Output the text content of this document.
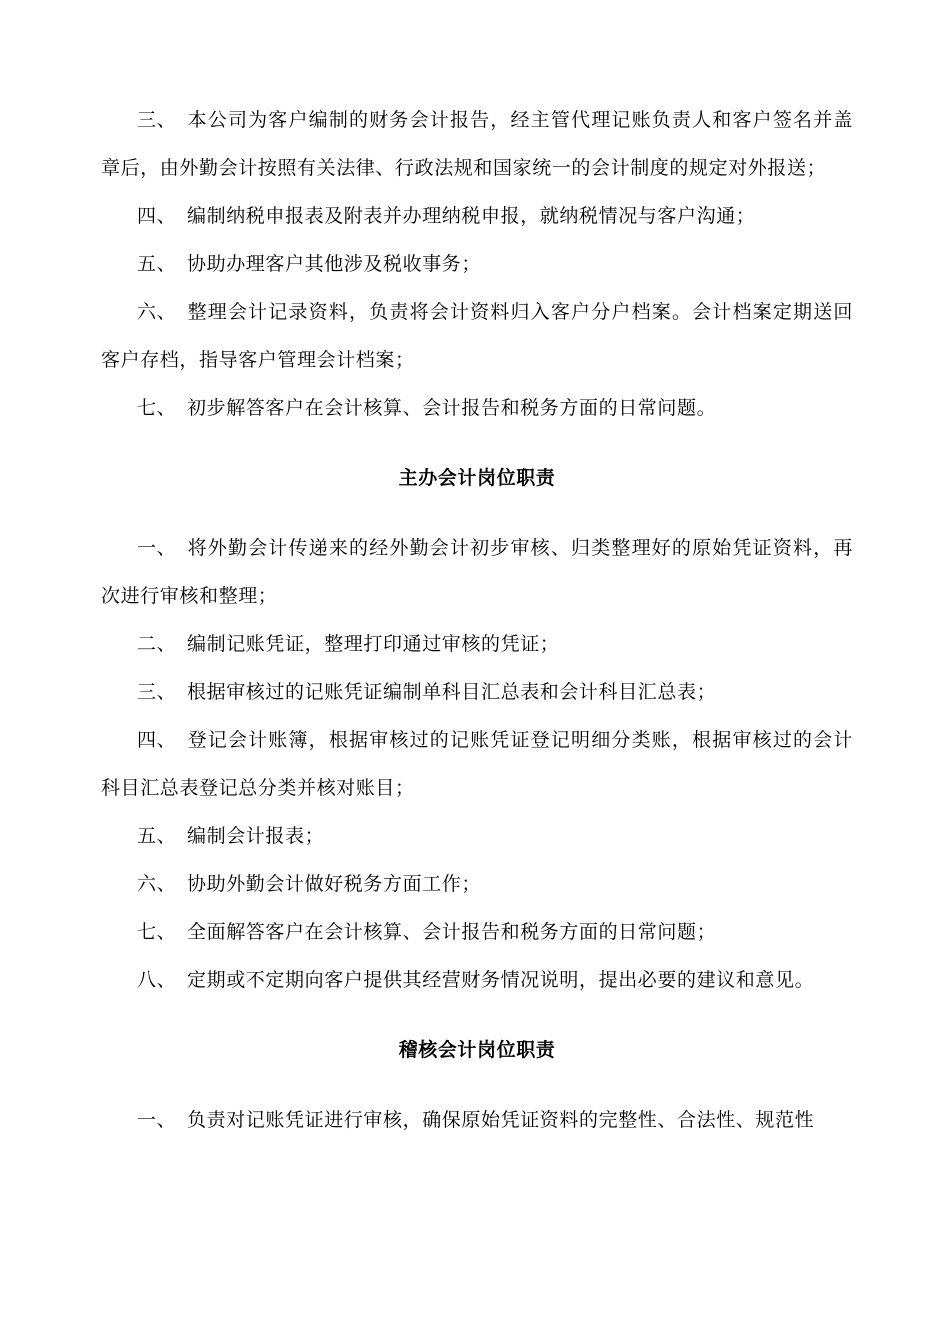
三、 本公司为客户编制的财务会计报告，经主管代理记账负责人和客户签名并盖章后，由外勤会计按照有关法律、行政法规和国家统一的会计制度的规定对外报送；

四、 编制纳税申报表及附表并办理纳税申报，就纳税情况与客户沟通；

五、 协助办理客户其他涉及税收事务；

六、 整理会计记录资料，负责将会计资料归入客户分户档案。会计档案定期送回客户存档，指导客户管理会计档案；

七、 初步解答客户在会计核算、会计报告和税务方面的日常问题。

主办会计岗位职责

一、 将外勤会计传递来的经外勤会计初步审核、归类整理好的原始凭证资料，再次进行审核和整理；

二、 编制记账凭证，整理打印通过审核的凭证；

三、 根据审核过的记账凭证编制单科目汇总表和会计科目汇总表；

四、 登记会计账簿，根据审核过的记账凭证登记明细分类账，根据审核过的会计科目汇总表登记总分类并核对账目；

五、 编制会计报表；

六、 协助外勤会计做好税务方面工作；

七、 全面解答客户在会计核算、会计报告和税务方面的日常问题；

八、 定期或不定期向客户提供其经营财务情况说明，提出必要的建议和意见。

稽核会计岗位职责

一、 负责对记账凭证进行审核，确保原始凭证资料的完整性、合法性、规范性
